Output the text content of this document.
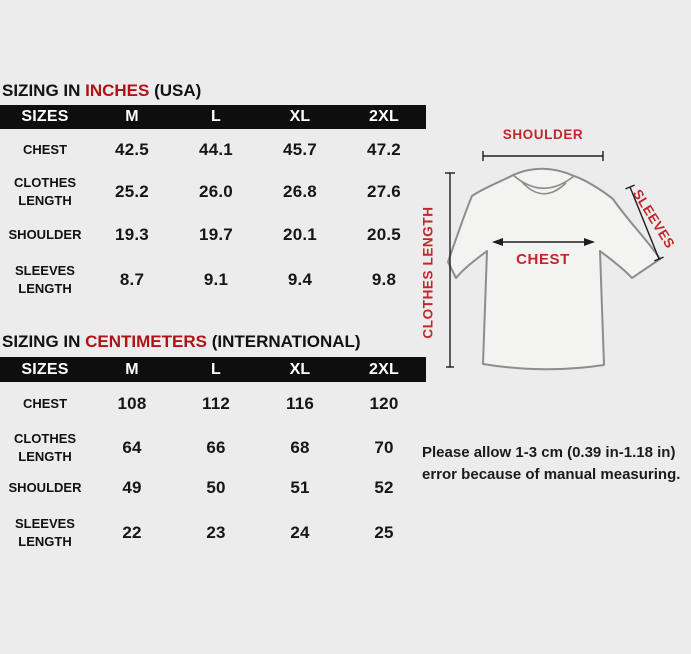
SIZING IN INCHES (USA)
SIZES	M	L	XL	2XL
CHEST	42.5	44.1	45.7	47.2
CLOTHES LENGTH	25.2	26.0	26.8	27.6
SHOULDER	19.3	19.7	20.1	20.5
SLEEVES LENGTH	8.7	9.1	9.4	9.8
SIZING IN CENTIMETERS (INTERNATIONAL)
SIZES	M	L	XL	2XL
CHEST	108	112	116	120
CLOTHES LENGTH	64	66	68	70
SHOULDER	49	50	51	52
SLEEVES LENGTH	22	23	24	25
SHOULDER
CHEST
CLOTHES LENGTH	SLEEVES
Please allow 1-3 cm (0.39 in-1.18 in)
error because of manual measuring.
